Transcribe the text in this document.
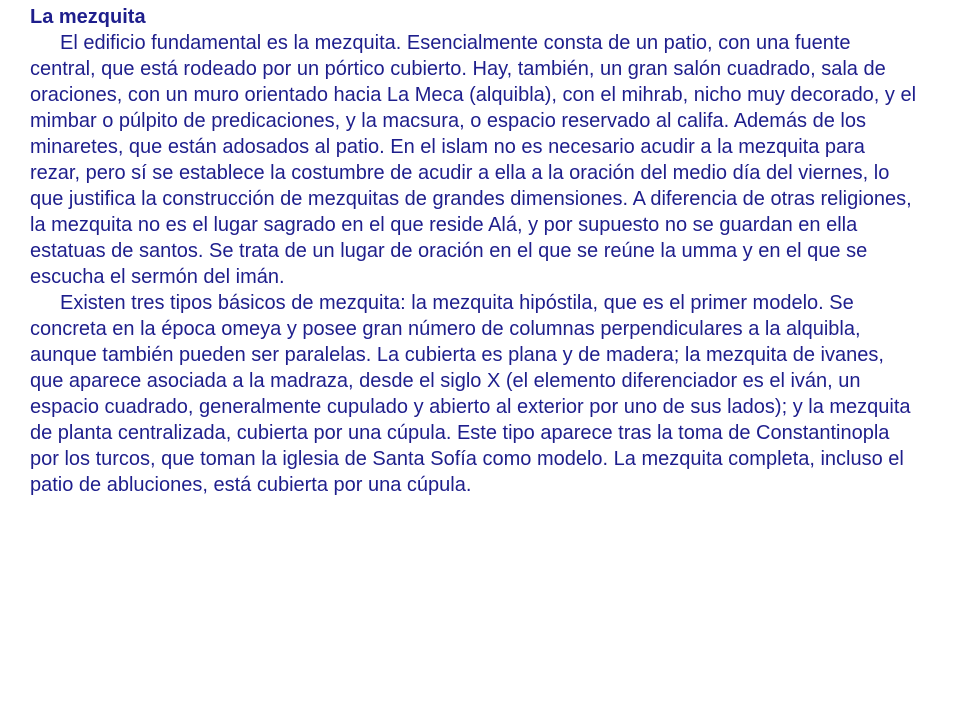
La mezquita

El edificio fundamental es la mezquita. Esencialmente consta de un patio, con una fuente central, que está rodeado por un pórtico cubierto. Hay, también, un gran salón cuadrado, sala de oraciones, con un muro orientado hacia La Meca (alquibla), con el mihrab, nicho muy decorado, y el mimbar o púlpito de predicaciones, y la macsura, o espacio reservado al califa. Además de los minaretes, que están adosados al patio. En el islam no es necesario acudir a la mezquita para rezar, pero sí se establece la costumbre de acudir a ella a la oración del medio día del viernes, lo que justifica la construcción de mezquitas de grandes dimensiones. A diferencia de otras religiones, la mezquita no es el lugar sagrado en el que reside Alá, y por supuesto no se guardan en ella estatuas de santos. Se trata de un lugar de oración en el que se reúne la umma y en el que se escucha el sermón del imán.

Existen tres tipos básicos de mezquita: la mezquita hipóstila, que es el primer modelo. Se concreta en la época omeya y posee gran número de columnas perpendiculares a la alquibla, aunque también pueden ser paralelas. La cubierta es plana y de madera; la mezquita de ivanes, que aparece asociada a la madraza, desde el siglo X (el elemento diferenciador es el iván, un espacio cuadrado, generalmente cupulado y abierto al exterior por uno de sus lados); y la mezquita de planta centralizada, cubierta por una cúpula. Este tipo aparece tras la toma de Constantinopla por los turcos, que toman la iglesia de Santa Sofía como modelo. La mezquita completa, incluso el patio de abluciones, está cubierta por una cúpula.
